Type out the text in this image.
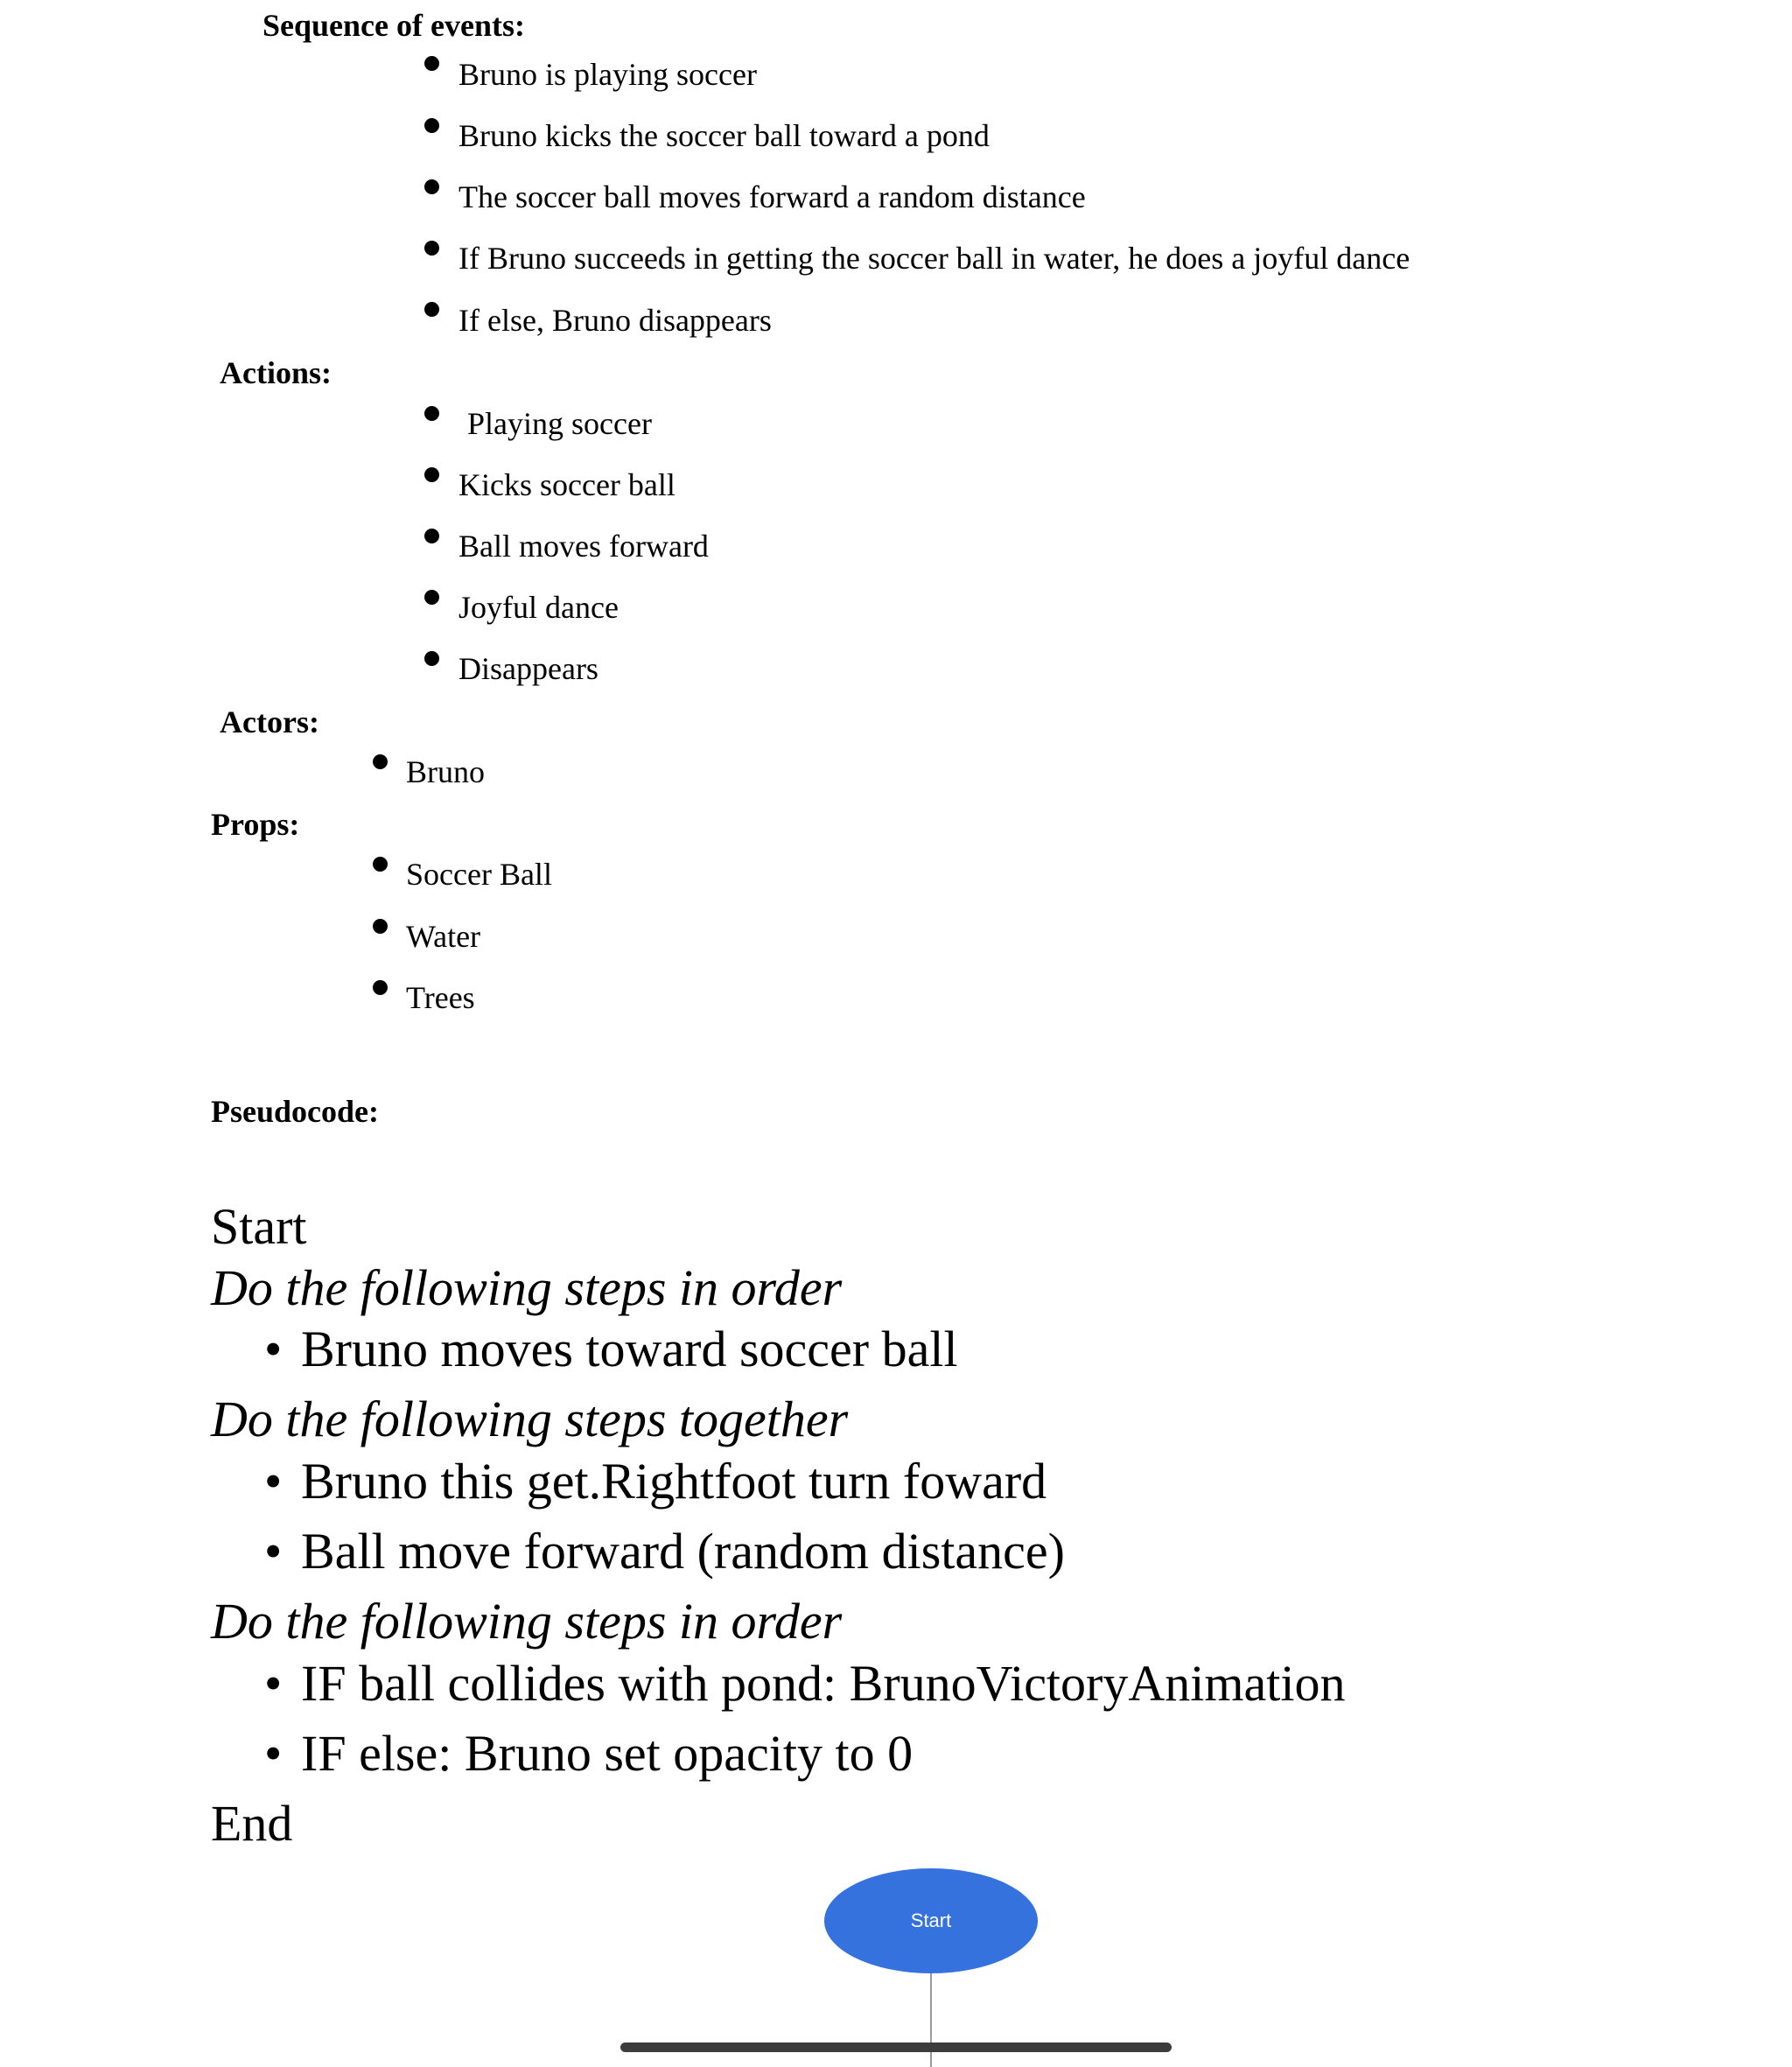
Sequence of events:
Bruno is playing soccer
Bruno kicks the soccer ball toward a pond
The soccer ball moves forward a random distance
If Bruno succeeds in getting the soccer ball in water, he does a joyful dance
If else, Bruno disappears
Actions:
Playing soccer
Kicks soccer ball
Ball moves forward
Joyful dance
Disappears
Actors:
Bruno
Props:
Soccer Ball
Water
Trees
Pseudocode:
Start
Do the following steps in order
• Bruno moves toward soccer ball
Do the following steps together
• Bruno this get.Rightfoot turn foward
• Ball move forward (random distance)
Do the following steps in order
• IF ball collides with pond: BrunoVictoryAnimation
• IF else: Bruno set opacity to 0
End
Start
